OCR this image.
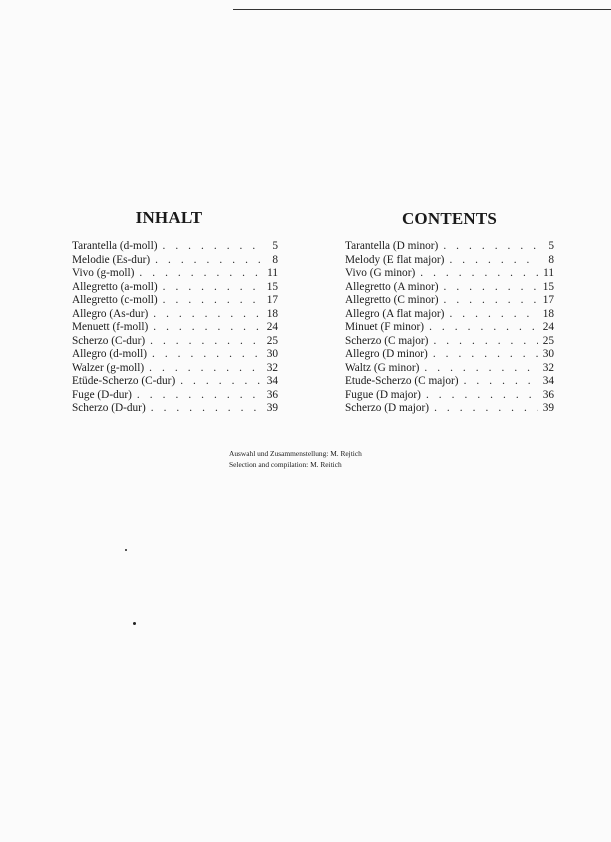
INHALT
Tarantella (d-moll) . . .	5
Melodie (Es-dur) . . .	8
Vivo (g-moll) . . .	11
Allegretto (a-moll) . . .	15
Allegretto (c-moll) . . .	17
Allegro (As-dur) . . .	18
Menuett (f-moll) . . .	24
Scherzo (C-dur) . . .	25
Allegro (d-moll) . . .	30
Walzer (g-moll) . . .	32
Etüde-Scherzo (C-dur) . . .	34
Fuge (D-dur) . . .	36
Scherzo (D-dur) . . .	39
CONTENTS
Tarantella (D minor) . . .	5
Melody (E flat major) . . .	8
Vivo (G minor) . . .	11
Allegretto (A minor) . . .	15
Allegretto (C minor) . . .	17
Allegro (A flat major) . . .	18
Minuet (F minor) . . .	24
Scherzo (C major) . . .	25
Allegro (D minor) . . .	30
Waltz (G minor) . . .	32
Etude-Scherzo (C major) . . .	34
Fugue (D major) . . .	36
Scherzo (D major) . . .	39
Auswahl und Zusammenstellung: M. Rejtich
Selection and compilation: M. Reitich
